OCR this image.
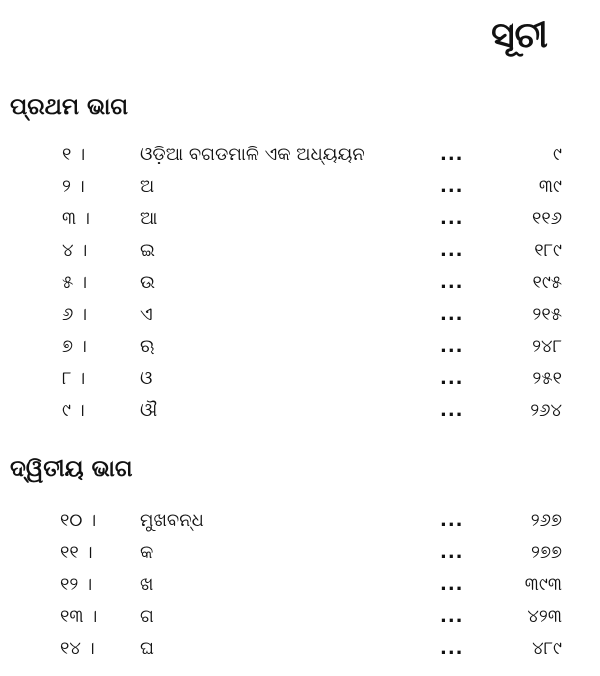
ସୂଚୀ
ପ୍ରଥମ ଭାଗ
୧ ।	ଓଡ଼ିଆ ବଗଡମାଳି ଏକ ଅଧ୍ୟୟନ	...	୯
୨ ।	ଅ	...	୩୯
୩ ।	ଆ	...	୧୧୬
୪ ।	ଇ	...	୧୮୯
୫ ।	ଉ	...	୧୯୫
୬ ।	ଏ	...	୨୧୫
୭ ।	ଋ	...	୨୪୮
୮ ।	ଓ	...	୨୫୧
୯ ।	ଔ	...	୨୬୪
ଦ୍ୱିତୀୟ ଭାଗ
୧୦ । ମୁଖବନ୍ଧ	...	୨୬୭
୧୧ ।	କ	...	୨୭୭
୧୨ ।	ଖ	...	୩୯୩
୧୩ । ଗ	...	୪୨୩
୧୪ ।	ଘ	...	୪୮୯
